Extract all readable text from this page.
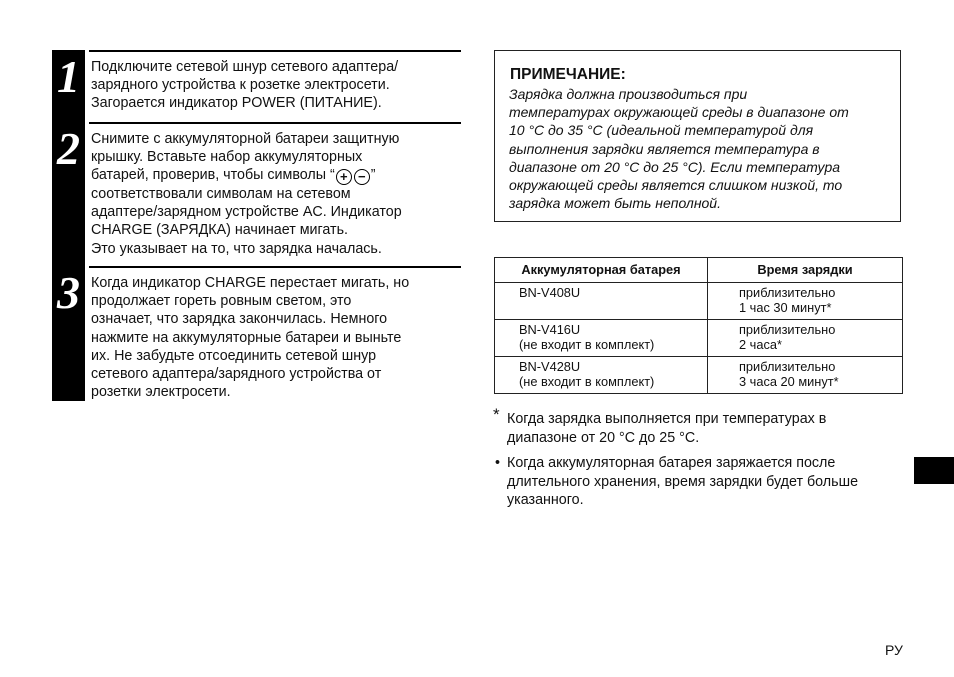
1
2
3
Подключите сетевой шнур сетевого адаптера/
зарядного устройства к розетке электросети.
Загорается индикатор POWER (ПИТАНИЕ).
Снимите с аккумуляторной батареи защитную
крышку. Вставьте набор аккумуляторных
батарей, проверив, чтобы символы “ + − ”
соответствовали символам на сетевом
адаптере/зарядном устройстве AC. Индикатор
CHARGE (ЗАРЯДКА) начинает мигать.
Это указывает на то, что зарядка началась.
Когда индикатор CHARGE перестает мигать, но
продолжает гореть ровным светом, это
означает, что зарядка закончилась. Немного
нажмите на аккумуляторные батареи и выньте
их. Не забудьте отсоединить сетевой шнур
сетевого адаптера/зарядного устройства от
розетки электросети.
ПРИМЕЧАНИЕ:
Зарядка должна производиться при
температурах окружающей среды в диапазоне от
10 °C до 35 °C (идеальной температурой для
выполнения зарядки является температура в
диапазоне от 20 °C до 25 °C). Если температура
окружающей среды является слишком низкой, то
зарядка может быть неполной.
Аккумуляторная батарея	Время зарядки
BN-V408U	приблизительно
1 час 30 минут*
BN-V416U
(не входит в комплект)	приблизительно
2 часа*
BN-V428U
(не входит в комплект)	приблизительно
3 часа 20 минут*
* Когда зарядка выполняется при температурах в
диапазоне от 20 °C до 25 °C.
• Когда аккумуляторная батарея заряжается после
длительного хранения, время зарядки будет больше
указанного.
РУ
